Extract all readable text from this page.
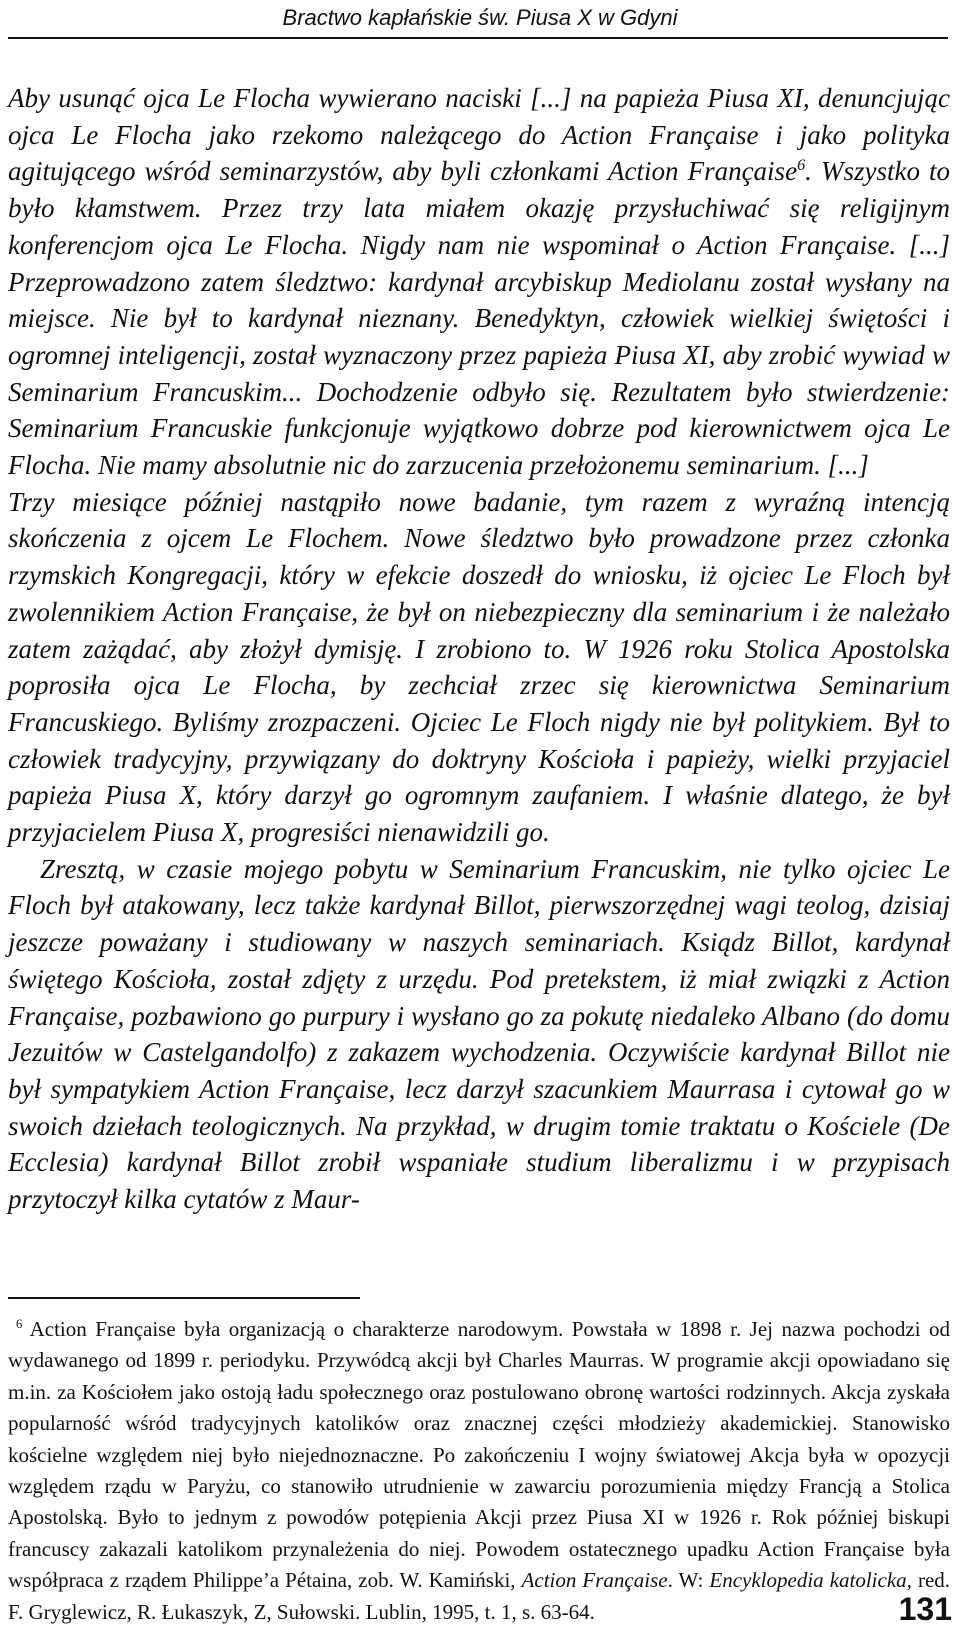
Bractwo kapłańskie św. Piusa X w Gdyni

Aby usunąć ojca Le Flocha wywierano naciski [...] na papieża Piusa XI, denuncjując ojca Le Flocha jako rzekomo należącego do Action Française i jako polityka agitującego wśród seminarzystów, aby byli członkami Action Française$^6$. Wszystko to było kłamstwem. Przez trzy lata miałem okazję przysłuchiwać się religijnym konferencjom ojca Le Flocha. Nigdy nam nie wspominał o Action Française. [...] Przeprowadzono zatem śledztwo: kardynał arcybiskup Mediolanu został wysłany na miejsce. Nie był to kardynał nieznany. Benedyktyn, człowiek wielkiej świętości i ogromnej inteligencji, został wyznaczony przez papieża Piusa XI, aby zrobić wywiad w Seminarium Francuskim... Dochodzenie odbyło się. Rezultatem było stwierdzenie: Seminarium Francuskie funkcjonuje wyjątkowo dobrze pod kierownictwem ojca Le Flocha. Nie mamy absolutnie nic do zarzucenia przełożonemu seminarium. [...]

Trzy miesiące później nastąpiło nowe badanie, tym razem z wyraźną intencją skończenia z ojcem Le Flochem. Nowe śledztwo było prowadzone przez członka rzymskich Kongregacji, który w efekcie doszedł do wniosku, iż ojciec Le Floch był zwolennikiem Action Française, że był on niebezpieczny dla seminarium i że należało zatem zażądać, aby złożył dymisję. I zrobiono to. W 1926 roku Stolica Apostolska poprosiła ojca Le Flocha, by zechciał zrzec się kierownictwa Seminarium Francuskiego. Byliśmy zrozpaczeni. Ojciec Le Floch nigdy nie był politykiem. Był to człowiek tradycyjny, przywiązany do doktryny Kościoła i papieży, wielki przyjaciel papieża Piusa X, który darzył go ogromnym zaufaniem. I właśnie dlatego, że był przyjacielem Piusa X, progresiści nienawidzili go.

Zresztą, w czasie mojego pobytu w Seminarium Francuskim, nie tylko ojciec Le Floch był atakowany, lecz także kardynał Billot, pierwszorzędnej wagi teolog, dzisiaj jeszcze poważany i studiowany w naszych seminariach. Ksiądz Billot, kardynał świętego Kościoła, został zdjęty z urzędu. Pod pretekstem, iż miał związki z Action Française, pozbawiono go purpury i wysłano go za pokutę niedaleko Albano (do domu Jezuitów w Castelgandolfo) z zakazem wychodzenia. Oczywiście kardynał Billot nie był sympatykiem Action Française, lecz darzył szacunkiem Maurrasa i cytował go w swoich dziełach teologicznych. Na przykład, w drugim tomie traktatu o Kościele (De Ecclesia) kardynał Billot zrobił wspaniałe studium liberalizmu i w przypisach przytoczył kilka cytatów z Maur-

$^6$ Action Française była organizacją o charakterze narodowym. Powstała w 1898 r. Jej nazwa pochodzi od wydawanego od 1899 r. periodyku. Przywódcą akcji był Charles Maurras. W programie akcji opowiadano się m.in. za Kościołem jako ostoją ładu społecznego oraz postulowano obronę wartości rodzinnych. Akcja zyskała popularność wśród tradycyjnych katolików oraz znacznej części młodzieży akademickiej. Stanowisko kościelne względem niej było niejednoznaczne. Po zakończeniu I wojny światowej Akcja była w opozycji względem rządu w Paryżu, co stanowiło utrudnienie w zawarciu porozumienia między Francją a Stolica Apostolską. Było to jednym z powodów potępienia Akcji przez Piusa XI w 1926 r. Rok później biskupi francuscy zakazali katolikom przynależenia do niej. Powodem ostatecznego upadku Action Française była współpraca z rządem Philippe’a Pétaina, zob. W. Kamiński, Action Française. W: Encyklopedia katolicka, red. F. Gryglewicz, R. Łukaszyk, Z, Sułowski. Lublin, 1995, t. 1, s. 63-64.	131
